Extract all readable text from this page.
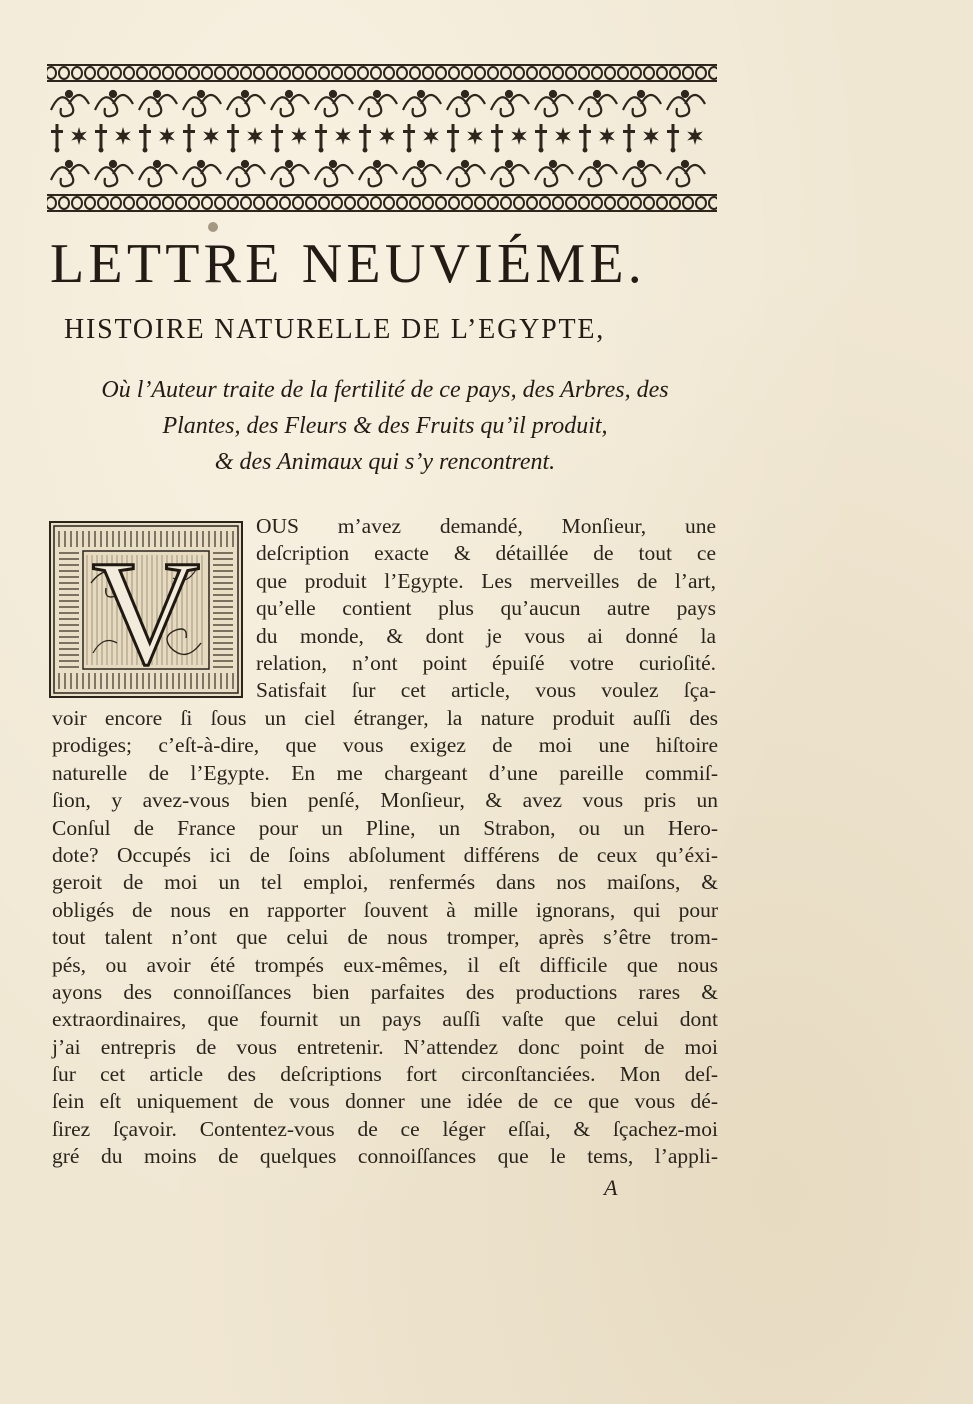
LETTRE NEUVIÉME.
HISTOIRE NATURELLE DE L’EGYPTE,
Où l’Auteur traite de la fertilité de ce pays, des Arbres, des
Plantes, des Fleurs & des Fruits qu’il produit,
& des Animaux qui s’y rencontrent.
V
OUS m’avez demandé, Monſieur, une
deſcription exacte & détaillée de tout ce
que produit l’Egypte. Les merveilles de l’art,
qu’elle contient plus qu’aucun autre pays
du monde, & dont je vous ai donné la
relation, n’ont point épuiſé votre curioſité.
Satisfait ſur cet article, vous voulez ſça-
voir encore ſi ſous un ciel étranger, la nature produit auſſi des
prodiges; c’eſt-à-dire, que vous exigez de moi une hiſtoire
naturelle de l’Egypte. En me chargeant d’une pareille commiſ-
ſion, y avez-vous bien penſé, Monſieur, & avez vous pris un
Conſul de France pour un Pline, un Strabon, ou un Hero-
dote? Occupés ici de ſoins abſolument différens de ceux qu’éxi-
geroit de moi un tel emploi, renfermés dans nos maiſons, &
obligés de nous en rapporter ſouvent à mille ignorans, qui pour
tout talent n’ont que celui de nous tromper, après s’être trom-
pés, ou avoir été trompés eux-mêmes, il eſt difficile que nous
ayons des connoiſſances bien parfaites des productions rares &
extraordinaires, que fournit un pays auſſi vaſte que celui dont
j’ai entrepris de vous entretenir. N’attendez donc point de moi
ſur cet article des deſcriptions fort circonſtanciées. Mon deſ-
ſein eſt uniquement de vous donner une idée de ce que vous dé-
ſirez ſçavoir. Contentez-vous de ce léger eſſai, & ſçachez-moi
gré du moins de quelques connoiſſances que le tems, l’appli-
A
